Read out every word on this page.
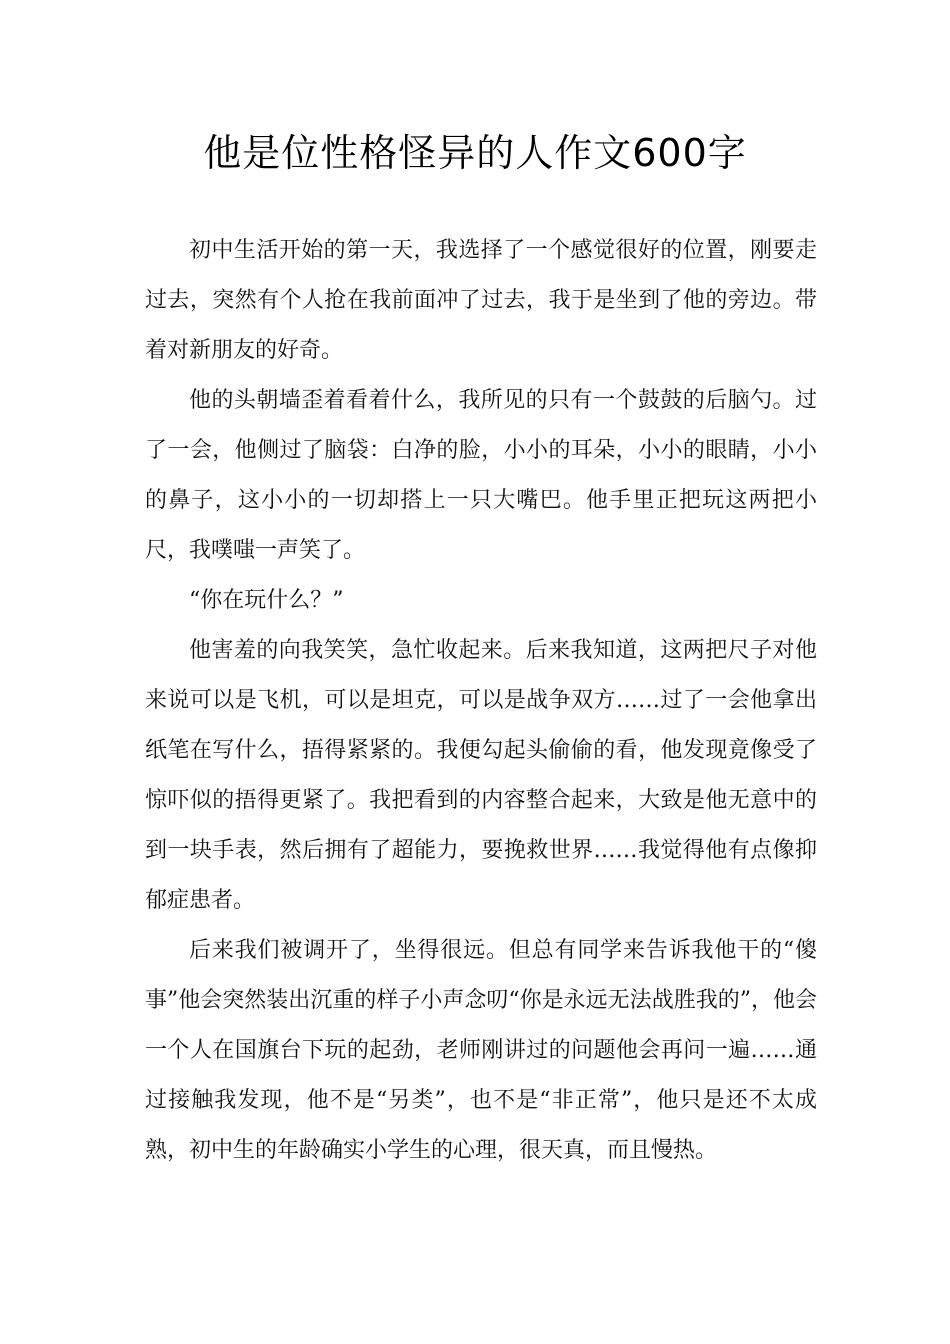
他是位性格怪异的人作文600字

初中生活开始的第一天，我选择了一个感觉很好的位置，刚要走过去，突然有个人抢在我前面冲了过去，我于是坐到了他的旁边。带着对新朋友的好奇。

他的头朝墙歪着看着什么，我所见的只有一个鼓鼓的后脑勺。过了一会，他侧过了脑袋：白净的脸，小小的耳朵，小小的眼睛，小小的鼻子，这小小的一切却搭上一只大嘴巴。他手里正把玩这两把小尺，我噗嗤一声笑了。

“你在玩什么？”

他害羞的向我笑笑，急忙收起来。后来我知道，这两把尺子对他来说可以是飞机，可以是坦克，可以是战争双方……过了一会他拿出纸笔在写什么，捂得紧紧的。我便勾起头偷偷的看，他发现竟像受了惊吓似的捂得更紧了。我把看到的内容整合起来，大致是他无意中的到一块手表，然后拥有了超能力，要挽救世界……我觉得他有点像抑郁症患者。

后来我们被调开了，坐得很远。但总有同学来告诉我他干的“傻事”他会突然装出沉重的样子小声念叨“你是永远无法战胜我的”，他会一个人在国旗台下玩的起劲，老师刚讲过的问题他会再问一遍……通过接触我发现，他不是“另类”，也不是“非正常”，他只是还不太成熟，初中生的年龄确实小学生的心理，很天真，而且慢热。
